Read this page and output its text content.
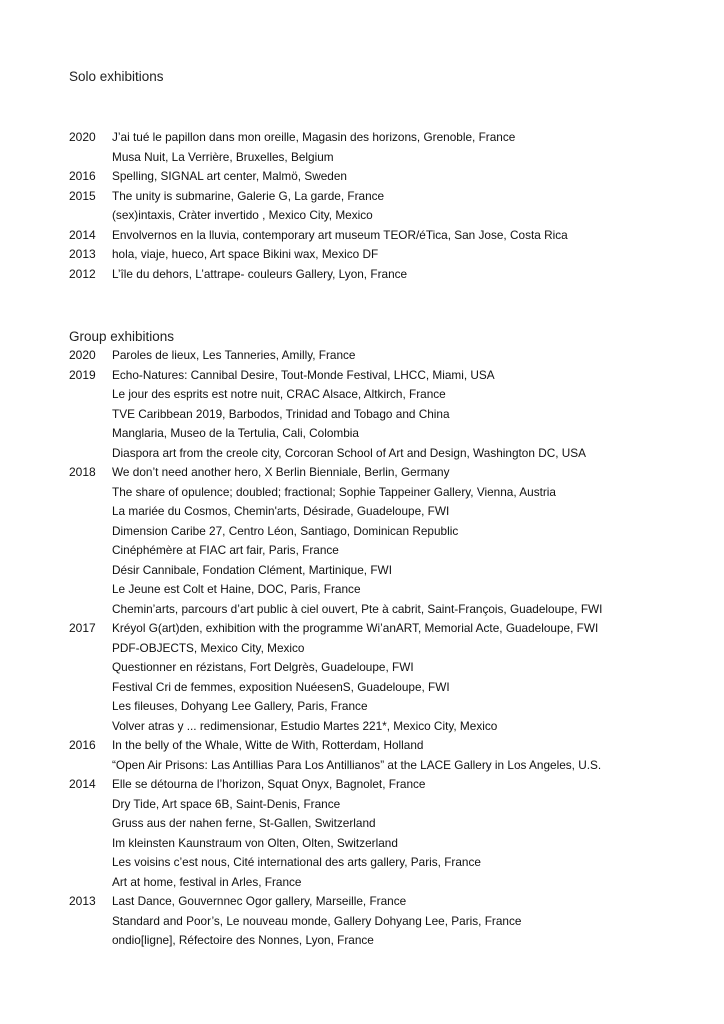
Solo exhibitions
2020	J’ai tué le papillon dans mon oreille, Magasin des horizons, Grenoble, France
Musa Nuit, La Verrière, Bruxelles, Belgium
2016	Spelling, SIGNAL art center, Malmö, Sweden
2015	The unity is submarine, Galerie G, La garde, France
(sex)intaxis, Cràter invertido , Mexico City, Mexico
2014	Envolvernos en la lluvia, contemporary art museum TEOR/éTica, San Jose, Costa Rica
2013	hola, viaje, hueco, Art space Bikini wax, Mexico DF
2012	L’île du dehors, L’attrape- couleurs Gallery, Lyon, France
Group exhibitions
2020	Paroles de lieux, Les Tanneries, Amilly, France
2019	Echo-Natures: Cannibal Desire, Tout-Monde Festival, LHCC, Miami, USA
Le jour des esprits est notre nuit, CRAC Alsace, Altkirch, France
TVE Caribbean 2019, Barbodos, Trinidad and Tobago and China
Manglaria, Museo de la Tertulia, Cali, Colombia
Diaspora art from the creole city, Corcoran School of Art and Design, Washington DC, USA
2018	We don’t need another hero, X Berlin Bienniale, Berlin, Germany
The share of opulence; doubled; fractional; Sophie Tappeiner Gallery, Vienna, Austria
La mariée du Cosmos, Chemin'arts, Désirade, Guadeloupe, FWI
Dimension Caribe 27, Centro Léon, Santiago, Dominican Republic
Cinéphémère at FIAC art fair, Paris, France
Désir Cannibale, Fondation Clément, Martinique, FWI
Le Jeune est Colt et Haine, DOC, Paris, France
Chemin’arts, parcours d’art public à ciel ouvert, Pte à cabrit, Saint-François, Guadeloupe, FWI
2017	Kréyol G(art)den, exhibition with the programme Wi’anART, Memorial Acte, Guadeloupe, FWI
PDF-OBJECTS, Mexico City, Mexico
Questionner en rézistans, Fort Delgrès, Guadeloupe, FWI
Festival Cri de femmes, exposition NuéesenS, Guadeloupe, FWI
Les fileuses, Dohyang Lee Gallery, Paris, France
Volver atras y ... redimensionar, Estudio Martes 221*, Mexico City, Mexico
2016	In the belly of the Whale, Witte de With, Rotterdam, Holland
“Open Air Prisons: Las Antillias Para Los Antillianos” at the LACE Gallery in Los Angeles, U.S.
2014	Elle se détourna de l’horizon, Squat Onyx, Bagnolet, France
Dry Tide, Art space 6B, Saint-Denis, France
Gruss aus der nahen ferne, St-Gallen, Switzerland
Im kleinsten Kaunstraum von Olten, Olten, Switzerland
Les voisins c’est nous, Cité international des arts gallery, Paris, France
Art at home, festival in Arles, France
2013	Last Dance, Gouvernnec Ogor gallery, Marseille, France
Standard and Poor’s, Le nouveau monde, Gallery Dohyang Lee, Paris, France
ondio[ligne], Réfectoire des Nonnes, Lyon, France
